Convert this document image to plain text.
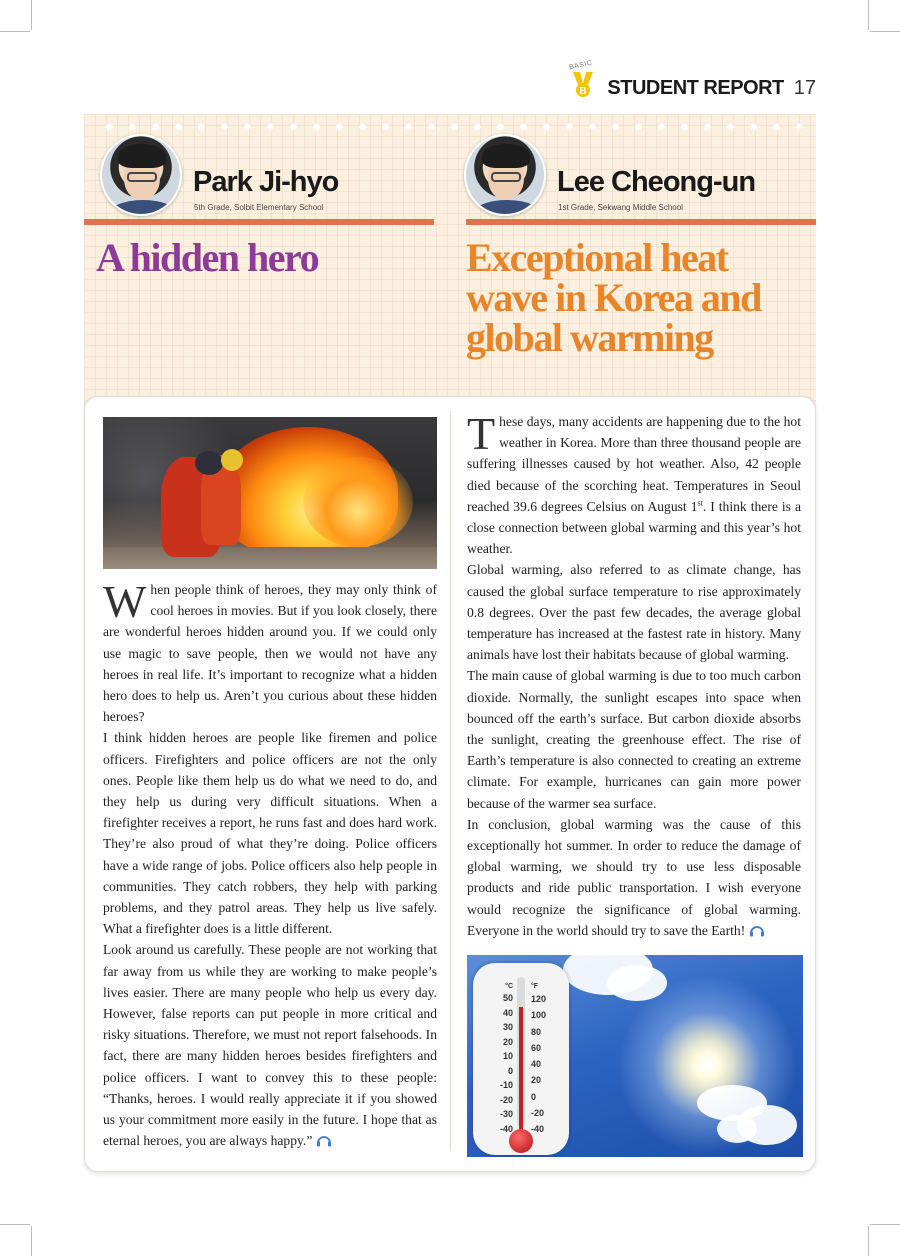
BASIC
B STUDENT REPORT 17
Park Ji-hyo
5th Grade, Solbit Elementary School
Lee Cheong-un
1st Grade, Sekwang Middle School
A hidden hero	Exceptional heat wave in Korea and global warming

When people think of heroes, they may only think of cool heroes in movies. But if you look closely, there are wonderful heroes hidden around you. If we could only use magic to save people, then we would not have any heroes in real life. It’s important to recognize what a hidden hero does to help us. Aren’t you curious about these hidden heroes?

I think hidden heroes are people like firemen and police officers. Firefighters and police officers are not the only ones. People like them help us do what we need to do, and they help us during very difficult situations. When a firefighter receives a report, he runs fast and does hard work. They’re also proud of what they’re doing. Police officers have a wide range of jobs. Police officers also help people in communities. They catch robbers, they help with parking problems, and they patrol areas. They help us live safely. What a firefighter does is a little different.

Look around us carefully. These people are not working that far away from us while they are working to make people’s lives easier. There are many people who help us every day. However, false reports can put people in more critical and risky situations. Therefore, we must not report falsehoods. In fact, there are many hidden heroes besides firefighters and police officers. I want to convey this to these people: “Thanks, heroes. I would really appreciate it if you showed us your commitment more easily in the future. I hope that as eternal heroes, you are always happy.”

These days, many accidents are happening due to the hot weather in Korea. More than three thousand people are suffering illnesses caused by hot weather. Also, 42 people died because of the scorching heat. Temperatures in Seoul reached 39.6 degrees Celsius on August 1st. I think there is a close connection between global warming and this year’s hot weather.

Global warming, also referred to as climate change, has caused the global surface temperature to rise approximately 0.8 degrees. Over the past few decades, the average global temperature has increased at the fastest rate in history. Many animals have lost their habitats because of global warming.

The main cause of global warming is due to too much carbon dioxide. Normally, the sunlight escapes into space when bounced off the earth’s surface. But carbon dioxide absorbs the sunlight, creating the greenhouse effect. The rise of Earth’s temperature is also connected to creating an extreme climate. For example, hurricanes can gain more power because of the warmer sea surface.

In conclusion, global warming was the cause of this exceptionally hot summer. In order to reduce the damage of global warming, we should try to use less disposable products and ride public transportation. I wish everyone would recognize the significance of global warming. Everyone in the world should try to save the Earth!

°C
50
40
30
20
10
0
-10
-20
-30
-40
°F
120
100
80
60
40
20
0
-20
-40
